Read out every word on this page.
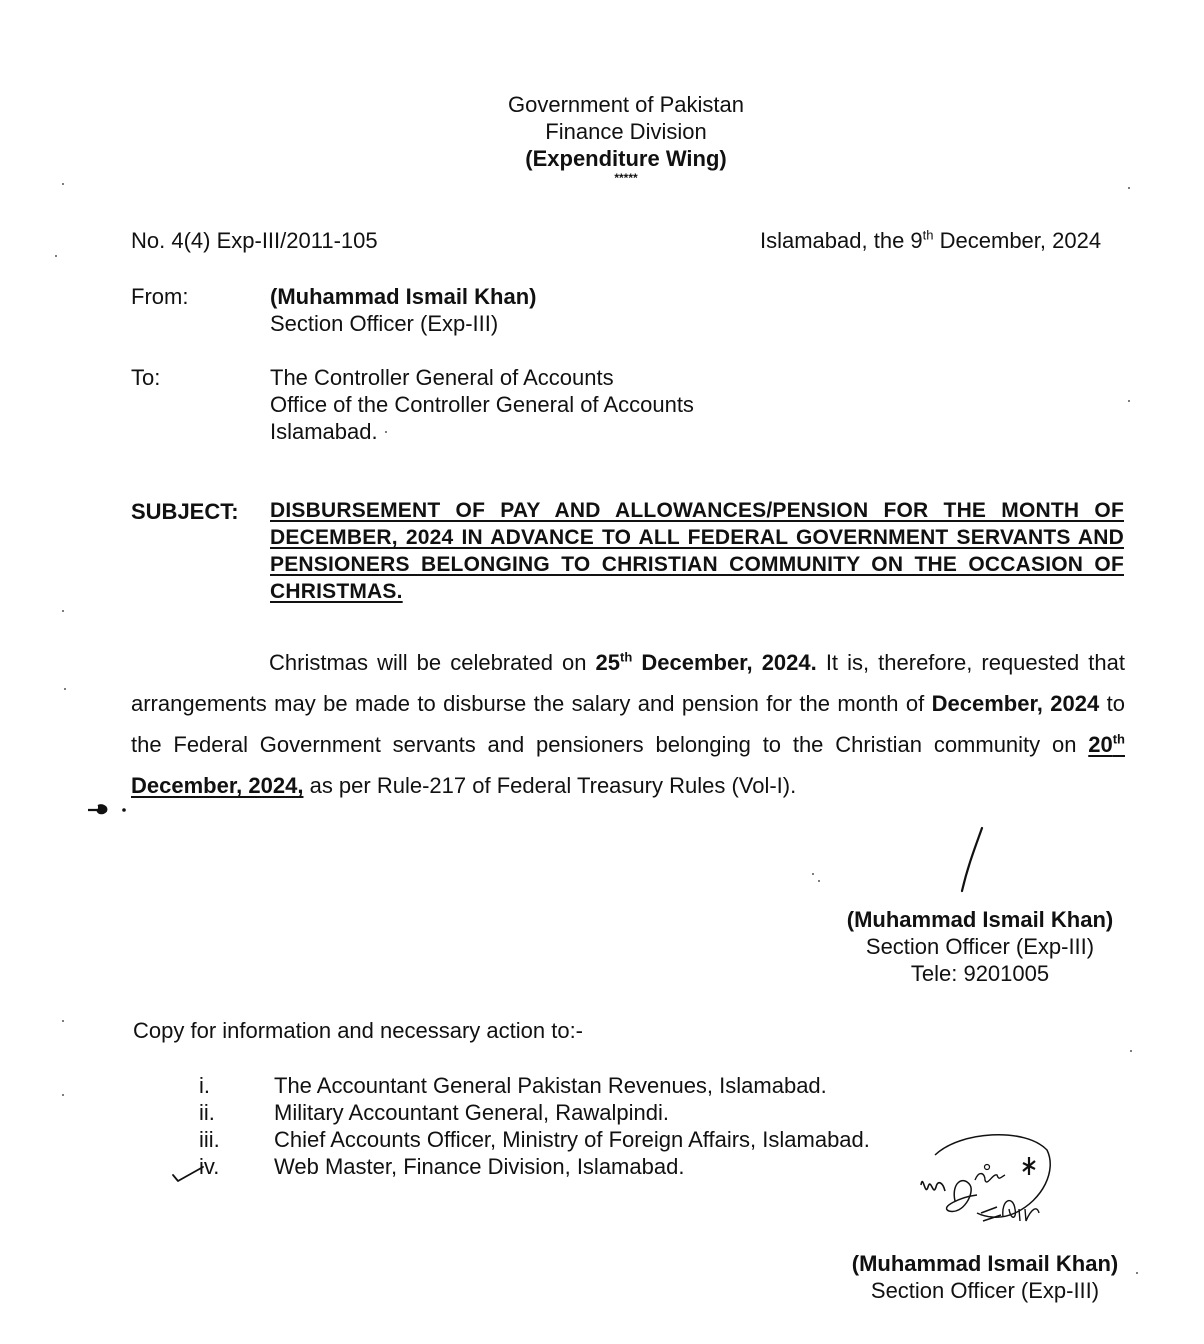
Government of Pakistan
Finance Division
(Expenditure Wing)
*****
No. 4(4) Exp-III/2011-105	Islamabad, the 9th December, 2024
From:	(Muhammad Ismail Khan)
Section Officer (Exp-III)
To:	The Controller General of Accounts
Office of the Controller General of Accounts
Islamabad.
SUBJECT: DISBURSEMENT OF PAY AND ALLOWANCES/PENSION FOR THE MONTH OF DECEMBER, 2024 IN ADVANCE TO ALL FEDERAL GOVERNMENT SERVANTS AND PENSIONERS BELONGING TO CHRISTIAN COMMUNITY ON THE OCCASION OF CHRISTMAS.
Christmas will be celebrated on 25th December, 2024. It is, therefore, requested that arrangements may be made to disburse the salary and pension for the month of December, 2024 to the Federal Government servants and pensioners belonging to the Christian community on 20th December, 2024, as per Rule-217 of Federal Treasury Rules (Vol-I).
(Muhammad Ismail Khan)
Section Officer (Exp-III)
Tele: 9201005
Copy for information and necessary action to:-
i.	The Accountant General Pakistan Revenues, Islamabad.
ii.	Military Accountant General, Rawalpindi.
iii. Chief Accounts Officer, Ministry of Foreign Affairs, Islamabad.
iv. Web Master, Finance Division, Islamabad.
(Muhammad Ismail Khan)
Section Officer (Exp-III)
